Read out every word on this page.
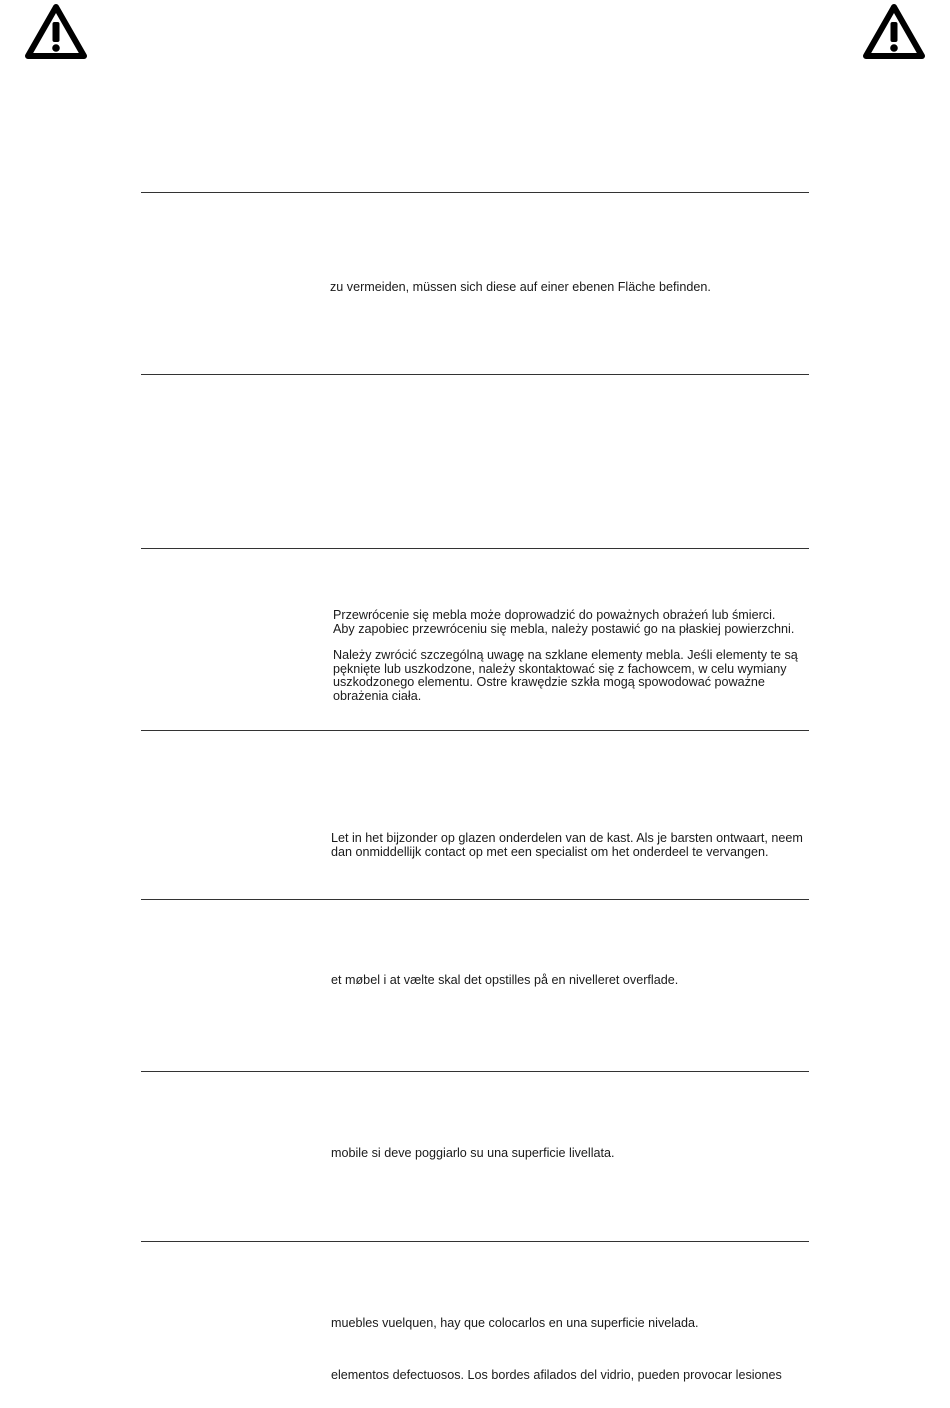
zu vermeiden, müssen sich diese auf einer ebenen Fläche befinden.
Przewrócenie się mebla może doprowadzić do poważnych obrażeń lub śmierci.
Aby zapobiec przewróceniu się mebla, należy postawić go na płaskiej powierzchni.
Należy zwrócić szczególną uwagę na szklane elementy mebla. Jeśli elementy te są
pęknięte lub uszkodzone, należy skontaktować się z fachowcem, w celu wymiany
uszkodzonego elementu. Ostre krawędzie szkła mogą spowodować poważne
obrażenia ciała.
Let in het bijzonder op glazen onderdelen van de kast. Als je barsten ontwaart, neem
dan onmiddellijk contact op met een specialist om het onderdeel te vervangen.
et møbel i at vælte skal det opstilles på en nivelleret overflade.
mobile si deve poggiarlo su una superficie livellata.
muebles vuelquen, hay que colocarlos en una superficie nivelada.
elementos defectuosos. Los bordes afilados del vidrio, pueden provocar lesiones
